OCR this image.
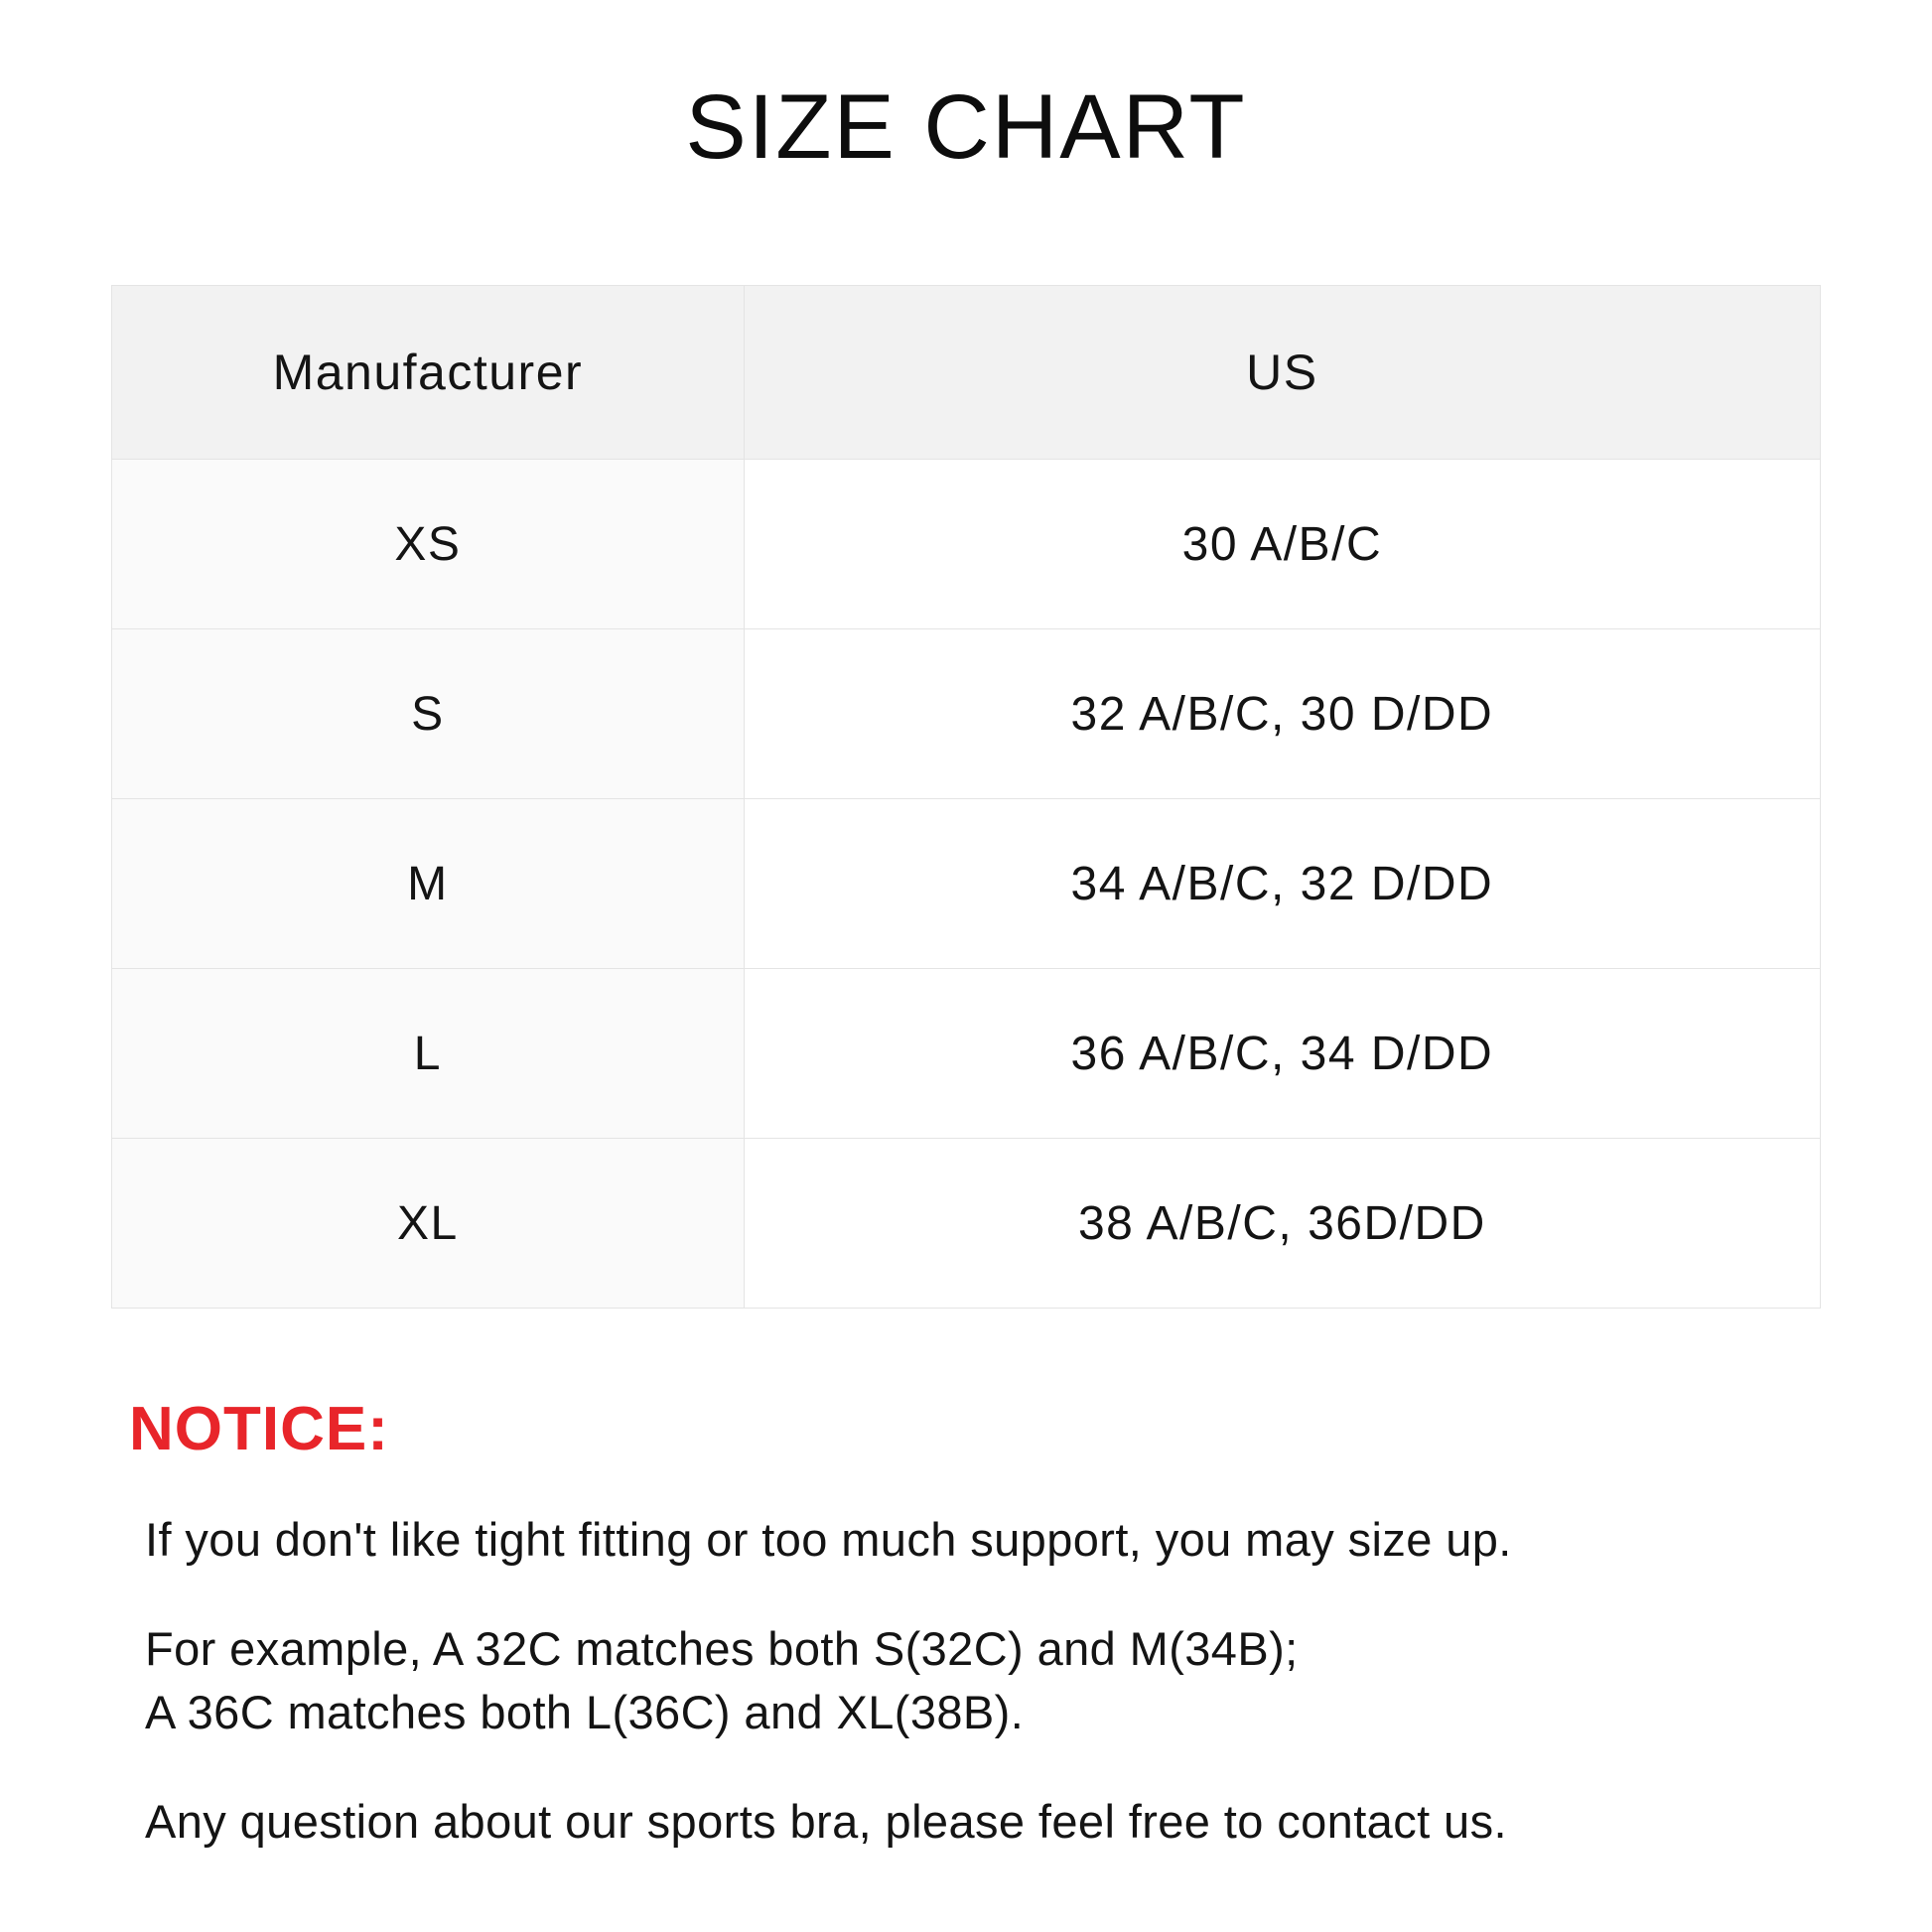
SIZE CHART
Manufacturer	US
XS	30 A/B/C
S	32 A/B/C, 30 D/DD
M	34 A/B/C, 32 D/DD
L	36 A/B/C, 34 D/DD
XL	38 A/B/C, 36D/DD
NOTICE:

If you don't like tight fitting or too much support, you may size up.

For example, A 32C matches both S(32C) and M(34B);
A 36C matches both L(36C) and XL(38B).

Any question about our sports bra, please feel free to contact us.
